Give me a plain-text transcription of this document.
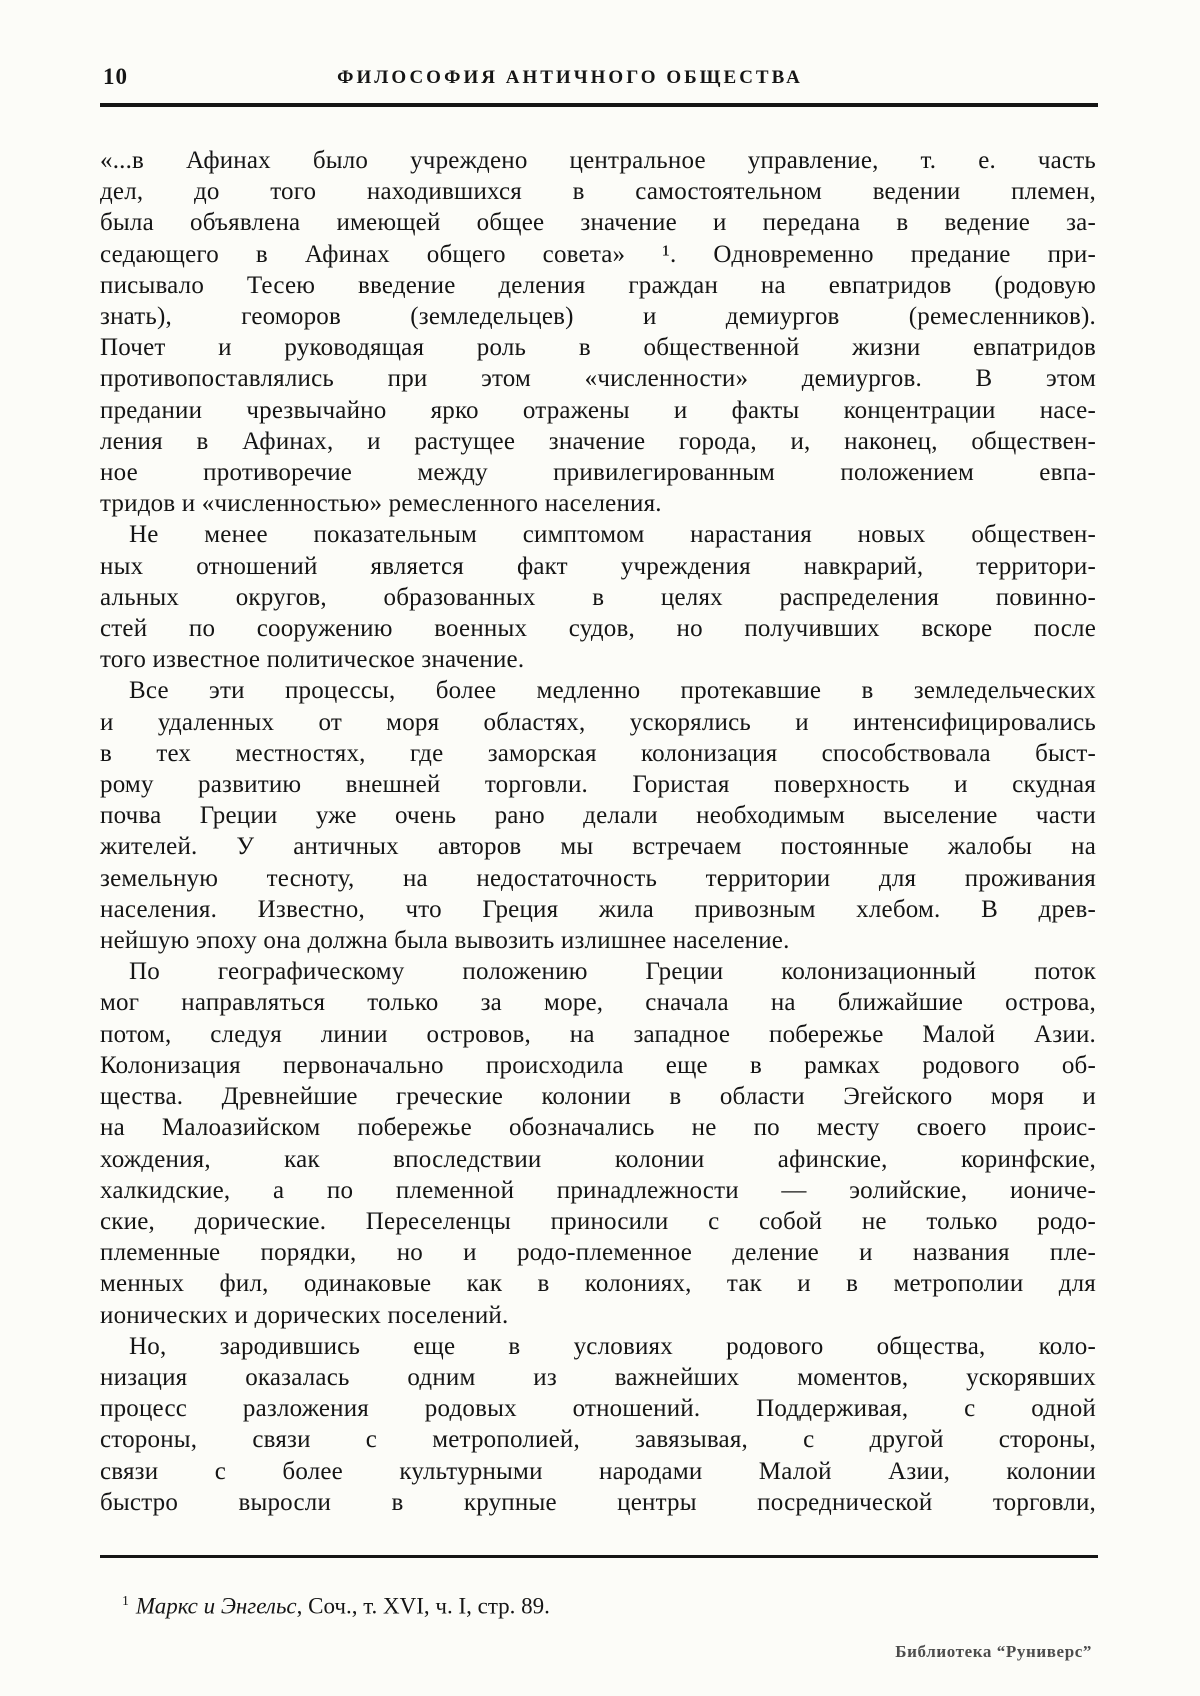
10	ФИЛОСОФИЯ АНТИЧНОГО ОБЩЕСТВА
«...в Афинах было учреждено центральное управление, т. е. часть
дел, до того находившихся в самостоятельном ведении племен,
была объявлена имеющей общее значение и передана в ведение за-
седающего в Афинах общего совета» ¹. Одновременно предание при-
писывало Тесею введение деления граждан на евпатридов (родовую
знать), геоморов (земледельцев) и демиургов (ремесленников).
Почет и руководящая роль в общественной жизни евпатридов
противопоставлялись при этом «численности» демиургов. В этом
предании чрезвычайно ярко отражены и факты концентрации насе-
ления в Афинах, и растущее значение города, и, наконец, обществен-
ное противоречие между привилегированным положением евпа-
тридов и «численностью» ремесленного населения.
Не менее показательным симптомом нарастания новых обществен-
ных отношений является факт учреждения навкрарий, территори-
альных округов, образованных в целях распределения повинно-
стей по сооружению военных судов, но получивших вскоре после
того известное политическое значение.
Все эти процессы, более медленно протекавшие в земледельческих
и удаленных от моря областях, ускорялись и интенсифицировались
в тех местностях, где заморская колонизация способствовала быст-
рому развитию внешней торговли. Гористая поверхность и скудная
почва Греции уже очень рано делали необходимым выселение части
жителей. У античных авторов мы встречаем постоянные жалобы на
земельную тесноту, на недостаточность территории для проживания
населения. Известно, что Греция жила привозным хлебом. В древ-
нейшую эпоху она должна была вывозить излишнее население.
По географическому положению Греции колонизационный поток
мог направляться только за море, сначала на ближайшие острова,
потом, следуя линии островов, на западное побережье Малой Азии.
Колонизация первоначально происходила еще в рамках родового об-
щества. Древнейшие греческие колонии в области Эгейского моря и
на Малоазийском побережье обозначались не по месту своего проис-
хождения, как впоследствии колонии афинские, коринфские,
халкидские, а по племенной принадлежности — эолийские, иониче-
ские, дорические. Переселенцы приносили с собой не только родо-
племенные порядки, но и родо-племенное деление и названия пле-
менных фил, одинаковые как в колониях, так и в метрополии для
ионических и дорических поселений.
Но, зародившись еще в условиях родового общества, коло-
низация оказалась одним из важнейших моментов, ускорявших
процесс разложения родовых отношений. Поддерживая, с одной
стороны, связи с метрополией, завязывая, с другой стороны,
связи с более культурными народами Малой Азии, колонии
быстро выросли в крупные центры посреднической торговли,
$^1$ Маркс и Энгельс, Соч., т. XVI, ч. I, стр. 89.
Библиотека “Руниверс”
